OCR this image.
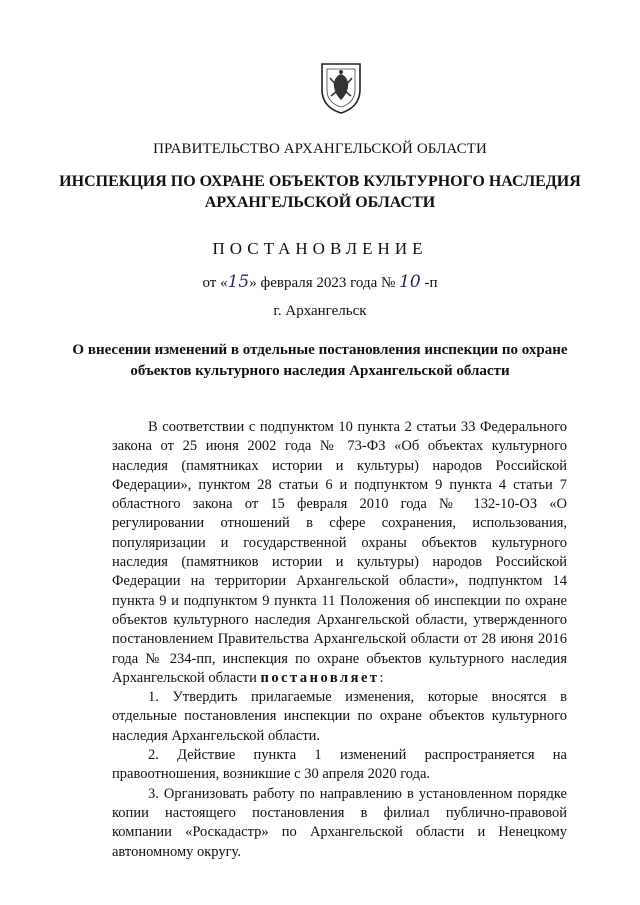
ПРАВИТЕЛЬСТВО АРХАНГЕЛЬСКОЙ ОБЛАСТИ
ИНСПЕКЦИЯ ПО ОХРАНЕ ОБЪЕКТОВ КУЛЬТУРНОГО НАСЛЕДИЯ
АРХАНГЕЛЬСКОЙ ОБЛАСТИ
ПОСТАНОВЛЕНИЕ
от «15» февраля 2023 года № 10 -п
г. Архангельск
О внесении изменений в отдельные постановления инспекции по охране
объектов культурного наследия Архангельской области

В соответствии с подпунктом 10 пункта 2 статьи 33 Федерального закона от 25 июня 2002 года № 73-ФЗ «Об объектах культурного наследия (памятниках истории и культуры) народов Российской Федерации», пунктом 28 статьи 6 и подпунктом 9 пункта 4 статьи 7 областного закона от 15 февраля 2010 года № 132-10-ОЗ «О регулировании отношений в сфере сохранения, использования, популяризации и государственной охраны объектов культурного наследия (памятников истории и культуры) народов Российской Федерации на территории Архангельской области», подпунктом 14 пункта 9 и подпунктом 9 пункта 11 Положения об инспекции по охране объектов культурного наследия Архангельской области, утвержденного постановлением Правительства Архангельской области от 28 июня 2016 года № 234-пп, инспекция по охране объектов культурного наследия Архангельской области постановляет:

1. Утвердить прилагаемые изменения, которые вносятся в отдельные постановления инспекции по охране объектов культурного наследия Архангельской области.

2. Действие пункта 1 изменений распространяется на правоотношения, возникшие с 30 апреля 2020 года.

3. Организовать работу по направлению в установленном порядке копии настоящего постановления в филиал публично-правовой компании «Роскадастр» по Архангельской области и Ненецкому автономному округу.
